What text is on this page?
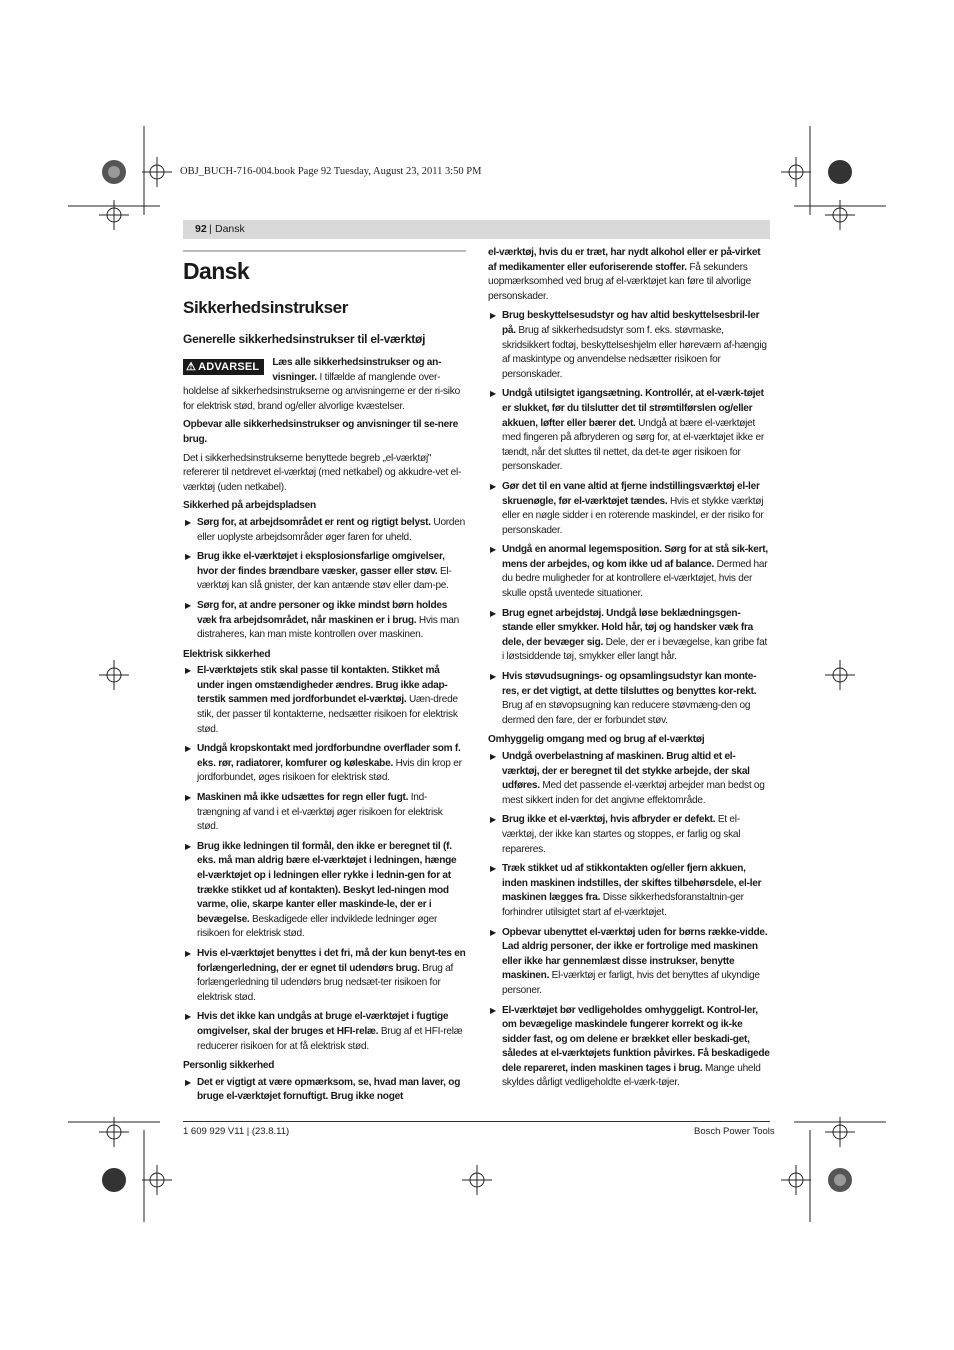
OBJ_BUCH-716-004.book Page 92 Tuesday, August 23, 2011 3:50 PM
92 | Dansk
Dansk
Sikkerhedsinstrukser
Generelle sikkerhedsinstrukser til el-værktøj
⚠ ADVARSEL	Læs alle sikkerhedsinstrukser og an-visninger. I tilfælde af manglende over-holdelse af sikkerhedsinstrukserne og anvisningerne er der ri-siko for elektrisk stød, brand og/eller alvorlige kvæstelser.

Opbevar alle sikkerhedsinstrukser og anvisninger til se-nere brug.

Det i sikkerhedsinstrukserne benyttede begreb „el-værktøj" refererer til netdrevet el-værktøj (med netkabel) og akkudre-vet el-værktøj (uden netkabel).

Sikkerhed på arbejdspladsen
▶ Sørg for, at arbejdsområdet er rent og rigtigt belyst. Uorden eller uoplyste arbejdsområder øger faren for uheld.
▶ Brug ikke el-værktøjet i eksplosionsfarlige omgivelser, hvor der findes brændbare væsker, gasser eller støv. El-værktøj kan slå gnister, der kan antænde støv eller dam-pe.
▶ Sørg for, at andre personer og ikke mindst børn holdes væk fra arbejdsområdet, når maskinen er i brug. Hvis man distraheres, kan man miste kontrollen over maskinen.
Elektrisk sikkerhed
▶ El-værktøjets stik skal passe til kontakten. Stikket må under ingen omstændigheder ændres. Brug ikke adap-terstik sammen med jordforbundet el-værktøj. Uæn-drede stik, der passer til kontakterne, nedsætter risikoen for elektrisk stød.
▶ Undgå kropskontakt med jordforbundne overflader som f. eks. rør, radiatorer, komfurer og køleskabe. Hvis din krop er jordforbundet, øges risikoen for elektrisk stød.
▶ Maskinen må ikke udsættes for regn eller fugt. Ind-trængning af vand i et el-værktøj øger risikoen for elektrisk stød.
▶ Brug ikke ledningen til formål, den ikke er beregnet til (f. eks. må man aldrig bære el-værktøjet i ledningen, hænge el-værktøjet op i ledningen eller rykke i lednin-gen for at trække stikket ud af kontakten). Beskyt led-ningen mod varme, olie, skarpe kanter eller maskinde-le, der er i bevægelse. Beskadigede eller indviklede ledninger øger risikoen for elektrisk stød.
▶ Hvis el-værktøjet benyttes i det fri, må der kun benyt-tes en forlængerledning, der er egnet til udendørs brug. Brug af forlængerledning til udendørs brug nedsæt-ter risikoen for elektrisk stød.
▶ Hvis det ikke kan undgås at bruge el-værktøjet i fugtige omgivelser, skal der bruges et HFI-relæ. Brug af et HFI-relæ reducerer risikoen for at få elektrisk stød.
Personlig sikkerhed
▶ Det er vigtigt at være opmærksom, se, hvad man laver, og bruge el-værktøjet fornuftigt. Brug ikke noget

el-værktøj, hvis du er træt, har nydt alkohol eller er på-virket af medikamenter eller euforiserende stoffer. Få sekunders uopmærksomhed ved brug af el-værktøjet kan føre til alvorlige personskader.

▶ Brug beskyttelsesudstyr og hav altid beskyttelsesbril-ler på. Brug af sikkerhedsudstyr som f. eks. støvmaske, skridsikkert fodtøj, beskyttelseshjelm eller høreværn af-hængig af maskintype og anvendelse nedsætter risikoen for personskader.
▶ Undgå utilsigtet igangsætning. Kontrollér, at el-værk-tøjet er slukket, før du tilslutter det til strømtilførslen og/eller akkuen, løfter eller bærer det. Undgå at bære el-værktøjet med fingeren på afbryderen og sørg for, at el-værktøjet ikke er tændt, når det sluttes til nettet, da det-te øger risikoen for personskader.
▶ Gør det til en vane altid at fjerne indstillingsværktøj el-ler skruenøgle, før el-værktøjet tændes. Hvis et stykke værktøj eller en nøgle sidder i en roterende maskindel, er der risiko for personskader.
▶ Undgå en anormal legemsposition. Sørg for at stå sik-kert, mens der arbejdes, og kom ikke ud af balance. Dermed har du bedre muligheder for at kontrollere el-værktøjet, hvis der skulle opstå uventede situationer.
▶ Brug egnet arbejdstøj. Undgå løse beklædningsgen-stande eller smykker. Hold hår, tøj og handsker væk fra dele, der bevæger sig. Dele, der er i bevægelse, kan gribe fat i løstsiddende tøj, smykker eller langt hår.
▶ Hvis støvudsugnings- og opsamlingsudstyr kan monte-res, er det vigtigt, at dette tilsluttes og benyttes kor-rekt. Brug af en støvopsugning kan reducere støvmæng-den og dermed den fare, der er forbundet støv.
Omhyggelig omgang med og brug af el-værktøj
▶ Undgå overbelastning af maskinen. Brug altid et el-værktøj, der er beregnet til det stykke arbejde, der skal udføres. Med det passende el-værktøj arbejder man bedst og mest sikkert inden for det angivne effektområde.
▶ Brug ikke et el-værktøj, hvis afbryder er defekt. Et el-værktøj, der ikke kan startes og stoppes, er farlig og skal repareres.
▶ Træk stikket ud af stikkontakten og/eller fjern akkuen, inden maskinen indstilles, der skiftes tilbehørsdele, el-ler maskinen lægges fra. Disse sikkerhedsforanstaltnin-ger forhindrer utilsigtet start af el-værktøjet.
▶ Opbevar ubenyttet el-værktøj uden for børns række-vidde. Lad aldrig personer, der ikke er fortrolige med maskinen eller ikke har gennemlæst disse instrukser, benytte maskinen. El-værktøj er farligt, hvis det benyttes af ukyndige personer.
▶ El-værktøjet bør vedligeholdes omhyggeligt. Kontrol-ler, om bevægelige maskindele fungerer korrekt og ik-ke sidder fast, og om delene er brækket eller beskadi-get, således at el-værktøjets funktion påvirkes. Få beskadigede dele repareret, inden maskinen tages i brug. Mange uheld skyldes dårligt vedligeholdte el-værk-tøjer.
1 609 929 V11 | (23.8.11)	Bosch Power Tools
